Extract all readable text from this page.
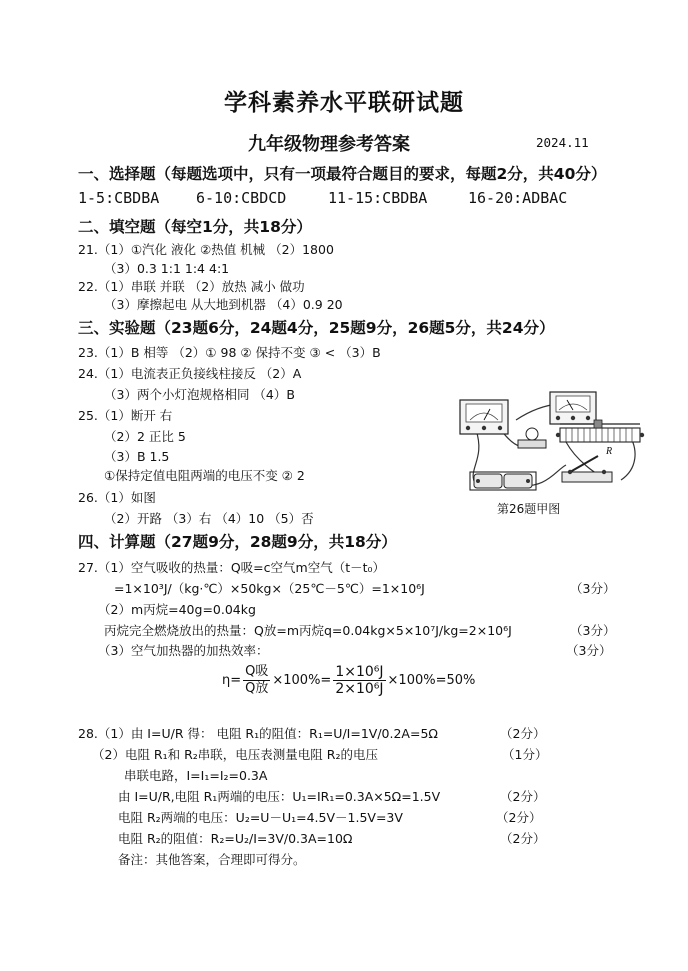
学科素养水平联研试题
九年级物理参考答案	2024.11
一、选择题（每题选项中，只有一项最符合题目的要求，每题2分，共40分）
1-5:CBDBA 6-10:CBDCD	11-15:CBDBA	16-20:ADBAC
二、填空题（每空1分，共18分）
21.（1）①汽化 液化 ②热值 机械 （2）1800
（3）0.3 1:1 1:4 4:1
22.（1）串联 并联 （2）放热 减小 做功
（3）摩擦起电 从大地到机器 （4）0.9 20
三、实验题（23题6分，24题4分，25题9分，26题5分，共24分）
23.（1）B 相等 （2）① 98 ② 保持不变 ③ < （3）B
24.（1）电流表正负接线柱接反 （2）A
（3）两个小灯泡规格相同 （4）B
25.（1）断开 右
（2）2 正比 5
（3）B 1.5
①保持定值电阻两端的电压不变 ② 2
26.（1）如图
（2）开路 （3）右 （4）10 （5）否
R
第26题甲图
四、计算题（27题9分，28题9分，共18分）
27.（1）空气吸收的热量：Q吸=c空气m空气（t－t₀）
=1×10³J/（kg·℃）×50kg×（25℃－5℃）=1×10⁶J	（3分）
（2）m丙烷=40g=0.04kg
丙烷完全燃烧放出的热量：Q放=m丙烷q=0.04kg×5×10⁷J/kg=2×10⁶J	（3分）
（3）空气加热器的加热效率：	（3分）
$\eta= \frac{\text{Q吸}}{\text{Q放}} \times 100\%= \frac{\text{1×10⁶J}}{\text{2×10⁶J}} \times 100\%=50\%$
28.（1）由 I=U/R 得： 电阻 R₁的阻值：R₁=U/I=1V/0.2A=5Ω	（2分）
（2）电阻 R₁和 R₂串联，电压表测量电阻 R₂的电压	（1分）
串联电路，I=I₁=I₂=0.3A
由 I=U/R,电阻 R₁两端的电压：U₁=IR₁=0.3A×5Ω=1.5V	（2分）
电阻 R₂两端的电压：U₂=U－U₁=4.5V－1.5V=3V	（2分）
电阻 R₂的阻值：R₂=U₂/I=3V/0.3A=10Ω	（2分）
备注：其他答案，合理即可得分。
